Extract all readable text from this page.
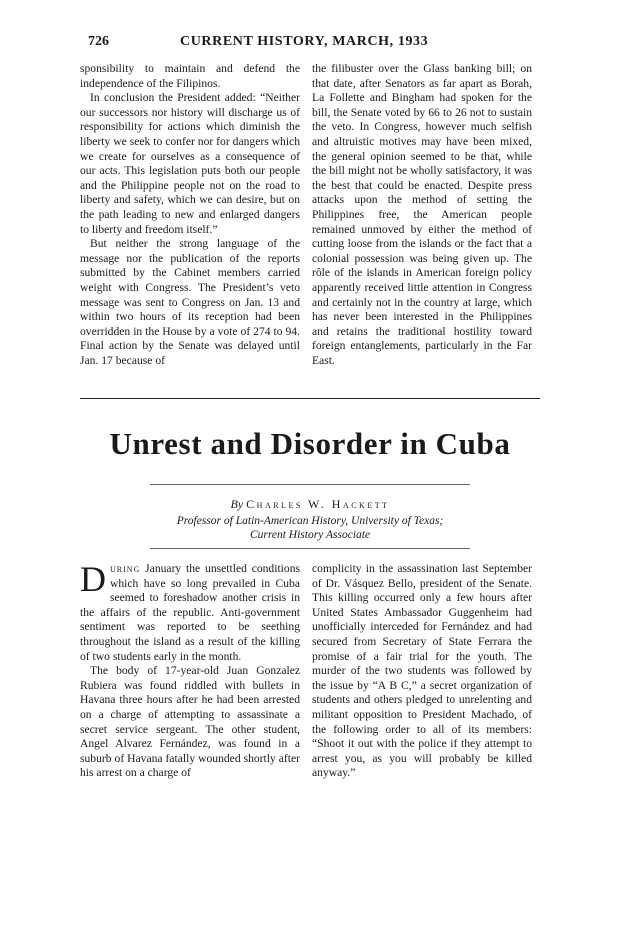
726	CURRENT HISTORY, MARCH, 1933

sponsibility to maintain and defend the independence of the Filipinos.

In conclusion the President added: “Neither our successors nor history will discharge us of responsibility for actions which diminish the liberty we seek to confer nor for dangers which we create for ourselves as a consequence of our acts. This legislation puts both our people and the Philippine people not on the road to liberty and safety, which we can desire, but on the path leading to new and enlarged dangers to liberty and freedom itself.”

But neither the strong language of the message nor the publication of the reports submitted by the Cabinet members carried weight with Congress. The President’s veto message was sent to Congress on Jan. 13 and within two hours of its reception had been overridden in the House by a vote of 274 to 94. Final action by the Senate was delayed until Jan. 17 because of

the filibuster over the Glass banking bill; on that date, after Senators as far apart as Borah, La Follette and Bingham had spoken for the bill, the Senate voted by 66 to 26 not to sustain the veto. In Congress, however much selfish and altruistic motives may have been mixed, the general opinion seemed to be that, while the bill might not be wholly satisfactory, it was the best that could be enacted. Despite press attacks upon the method of setting the Philippines free, the American people remained unmoved by either the method of cutting loose from the islands or the fact that a colonial possession was being given up. The rôle of the islands in American foreign policy apparently received little attention in Congress and certainly not in the country at large, which has never been interested in the Philippines and retains the traditional hostility toward foreign entanglements, particularly in the Far East.

Unrest and Disorder in Cuba
By Charles W. Hackett
Professor of Latin-American History, University of Texas;
Current History Associate

During January the unsettled conditions which have so long prevailed in Cuba seemed to foreshadow another crisis in the affairs of the republic. Anti-government sentiment was reported to be seething throughout the island as a result of the killing of two students early in the month.

The body of 17-year-old Juan Gonzalez Rubiera was found riddled with bullets in Havana three hours after he had been arrested on a charge of attempting to assassinate a secret service sergeant. The other student, Angel Alvarez Fernández, was found in a suburb of Havana fatally wounded shortly after his arrest on a charge of

complicity in the assassination last September of Dr. Vásquez Bello, president of the Senate. This killing occurred only a few hours after United States Ambassador Guggenheim had unofficially interceded for Fernández and had secured from Secretary of State Ferrara the promise of a fair trial for the youth. The murder of the two students was followed by the issue by “A B C,” a secret organization of students and others pledged to unrelenting and militant opposition to President Machado, of the following order to all of its members: “Shoot it out with the police if they attempt to arrest you, as you will probably be killed anyway.”
